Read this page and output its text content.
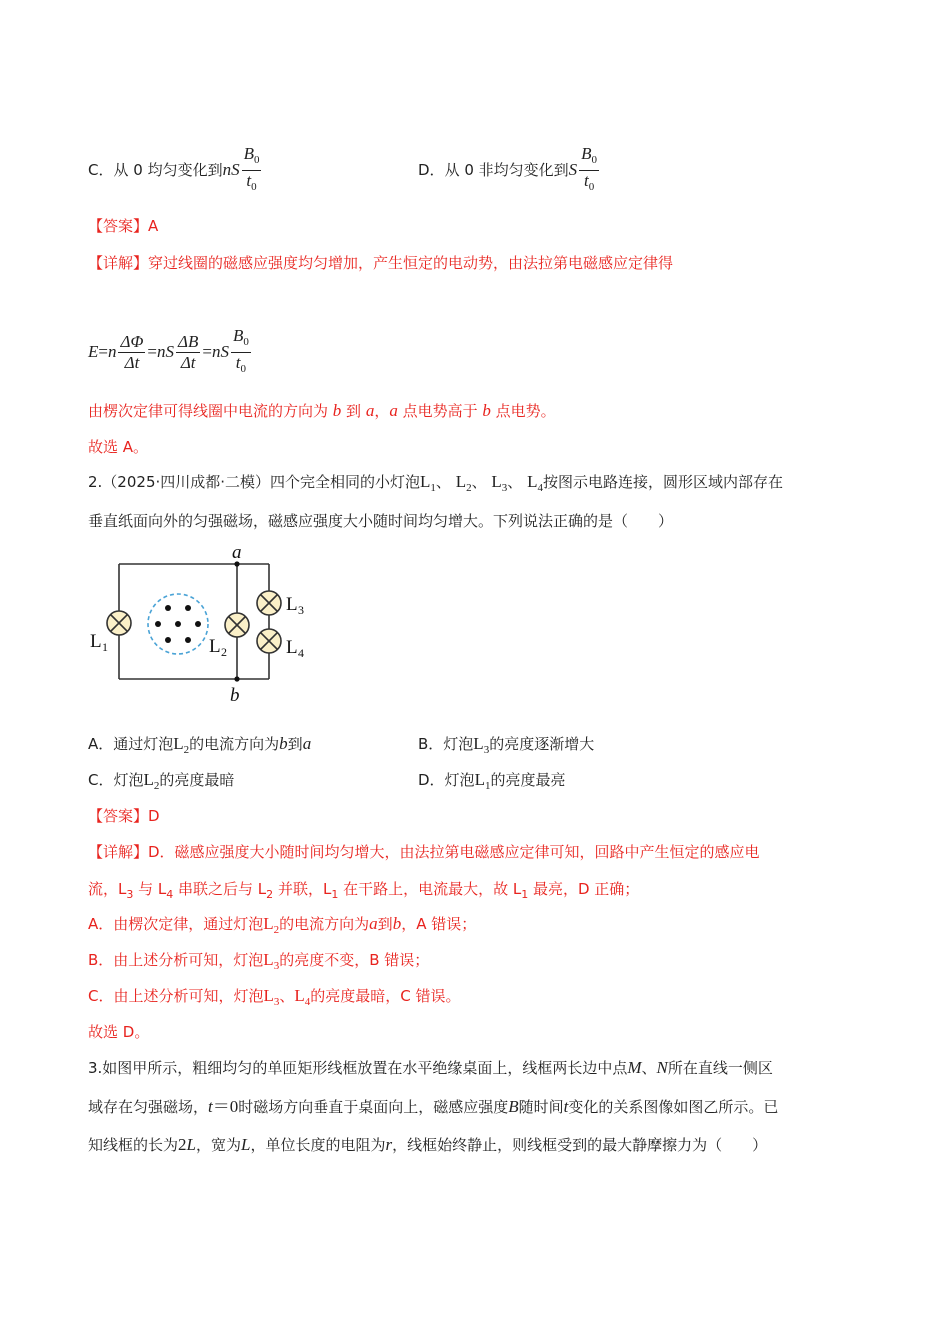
C．从 0 均匀变化到nS $\frac{B_0}{t_0}$	D．从 0 非均匀变化到S $\frac{B_0}{t_0}$
【答案】A
【详解】穿过线圈的磁感应强度均匀增加，产生恒定的电动势，由法拉第电磁感应定律得
$E=n \frac{\Delta\Phi}{\Delta t} =nS \frac{\Delta B}{\Delta t} =nS \frac{B_0}{t_0}$
由楞次定律可得线圈中电流的方向为 b 到 a，a 点电势高于 b 点电势。
故选 A。
2.（2025·四川成都·二模）四个完全相同的小灯泡$L_1$、 $L_2$、 $L_3$、 $L_4$按图示电路连接，圆形区域内部存在
垂直纸面向外的匀强磁场，磁感应强度大小随时间均匀增大。下列说法正确的是（　　）
a
b
L 1	L 2
L 3
L 4
A．通过灯泡$L_2$的电流方向为b到a	B．灯泡$L_3$的亮度逐渐增大
C．灯泡$L_2$的亮度最暗	D．灯泡$L_1$的亮度最亮
【答案】D
【详解】D．磁感应强度大小随时间均匀增大，由法拉第电磁感应定律可知，回路中产生恒定的感应电
流，$L_3$ 与 $L_4$ 串联之后与 $L_2$ 并联，$L_1$ 在干路上，电流最大，故 $L_1$ 最亮，D 正确；
A．由楞次定律，通过灯泡$L_2$的电流方向为a到b，A 错误；
B．由上述分析可知，灯泡$L_3$的亮度不变，B 错误；
C．由上述分析可知，灯泡$L_3$、$L_4$的亮度最暗，C 错误。
故选 D。
3.如图甲所示，粗细均匀的单匝矩形线框放置在水平绝缘桌面上，线框两长边中点M、N所在直线一侧区
域存在匀强磁场，t＝0时磁场方向垂直于桌面向上，磁感应强度B随时间t变化的关系图像如图乙所示。已
知线框的长为2L，宽为L，单位长度的电阻为r，线框始终静止，则线框受到的最大静摩擦力为（　　）
